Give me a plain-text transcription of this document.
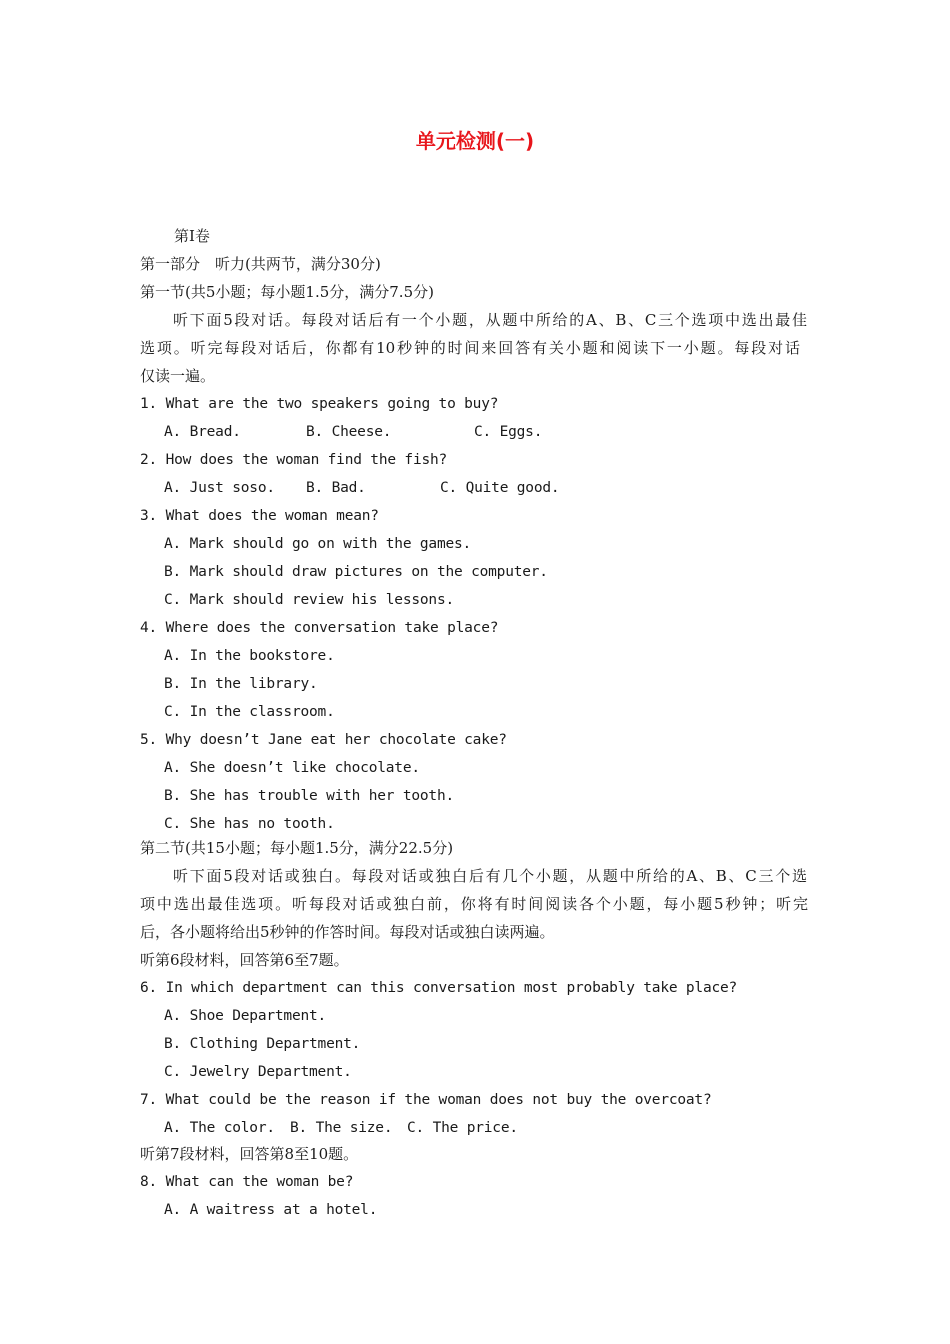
单元检测(一)
第Ⅰ卷
第一部分　听力(共两节，满分30分)
第一节(共5小题；每小题1.5分，满分7.5分)
听下面5段对话。每段对话后有一个小题，从题中所给的A、B、C三个选项中选出最佳
选项。听完每段对话后，你都有10秒钟的时间来回答有关小题和阅读下一小题。每段对话
仅读一遍。
1. What are the two speakers going to buy?

A. Bread.

	B. Cheese.

	C. Eggs.

2. How does the woman find the fish?

A. Just soso.

B. Bad.

	C. Quite good.

3. What does the woman mean?
A. Mark should go on with the games.
B. Mark should draw pictures on the computer.
C. Mark should review his lessons.
4. Where does the conversation take place?
A. In the bookstore.
B. In the library.
C. In the classroom.
5. Why doesn’t Jane eat her chocolate cake?
A. She doesn’t like chocolate.
B. She has trouble with her tooth.
C. She has no tooth.
第二节(共15小题；每小题1.5分，满分22.5分)
听下面5段对话或独白。每段对话或独白后有几个小题，从题中所给的A、B、C三个选
项中选出最佳选项。听每段对话或独白前，你将有时间阅读各个小题，每小题5秒钟；听完
后，各小题将给出5秒钟的作答时间。每段对话或独白读两遍。
听第6段材料，回答第6至7题。
6. In which department can this conversation most probably take place?
A. Shoe Department.
B. Clothing Department.
C. Jewelry Department.
7. What could be the reason if the woman does not buy the overcoat?

A. The color.

B. The size.

C. The price.

听第7段材料，回答第8至10题。
8. What can the woman be?
A. A waitress at a hotel.
